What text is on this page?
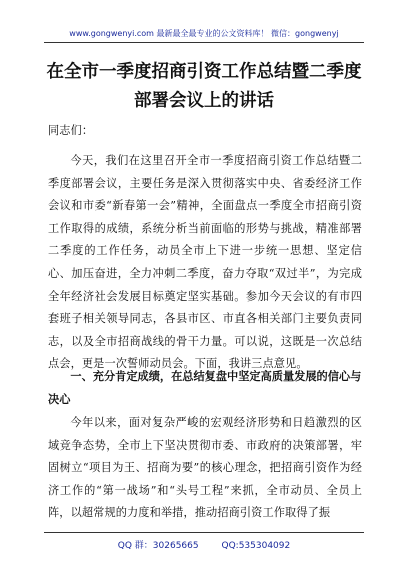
www.gongwenyi.com 最新最全最专业的公文资料库！ 微信：gongwenyj
在全市一季度招商引资工作总结暨二季度部署会议上的讲话
同志们：
今天，我们在这里召开全市一季度招商引资工作总结暨二季度部署会议，主要任务是深入贯彻落实中央、省委经济工作会议和市委“新春第一会”精神，全面盘点一季度全市招商引资工作取得的成绩，系统分析当前面临的形势与挑战，精准部署二季度的工作任务，动员全市上下进一步统一思想、坚定信心、加压奋进，全力冲刺二季度，奋力夺取“双过半”，为完成全年经济社会发展目标奠定坚实基础。参加今天会议的有市四套班子相关领导同志，各县市区、市直各相关部门主要负责同志，以及全市招商战线的骨干力量。可以说，这既是一次总结点会，更是一次誓师动员会。下面，我讲三点意见。
一、充分肯定成绩，在总结复盘中坚定高质量发展的信心与决心
今年以来，面对复杂严峻的宏观经济形势和日趋激烈的区域竞争态势，全市上下坚决贯彻市委、市政府的决策部署，牢固树立“项目为王、招商为要”的核心理念，把招商引资作为经济工作的“第一战场”和“头号工程”来抓，全市动员、全员上阵，以超常规的力度和举措，推动招商引资工作取得了振
QQ 群：30265665        QQ:535304092
